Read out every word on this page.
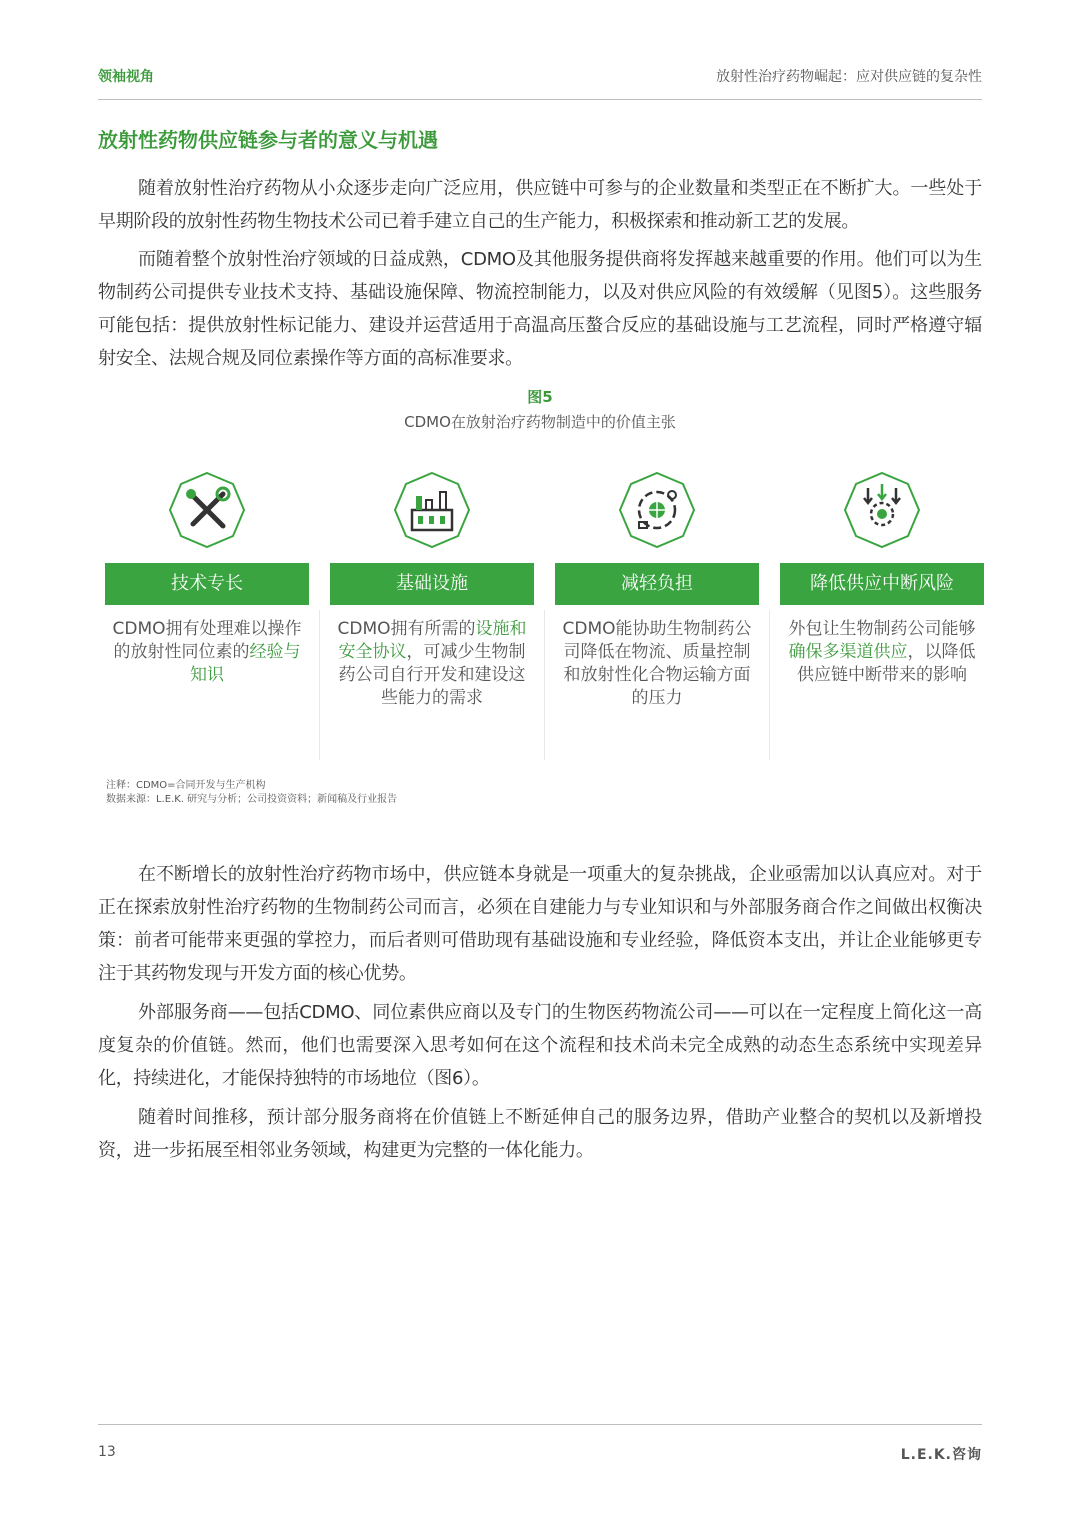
领袖视角	放射性治疗药物崛起：应对供应链的复杂性
放射性药物供应链参与者的意义与机遇

随着放射性治疗药物从小众逐步走向广泛应用，供应链中可参与的企业数量和类型正在不断扩大。一些处于早期阶段的放射性药物生物技术公司已着手建立自己的生产能力，积极探索和推动新工艺的发展。

而随着整个放射性治疗领域的日益成熟，CDMO及其他服务提供商将发挥越来越重要的作用。他们可以为生物制药公司提供专业技术支持、基础设施保障、物流控制能力，以及对供应风险的有效缓解（见图5）。这些服务可能包括：提供放射性标记能力、建设并运营适用于高温高压螯合反应的基础设施与工艺流程，同时严格遵守辐射安全、法规合规及同位素操作等方面的高标准要求。

图5
CDMO在放射治疗药物制造中的价值主张
技术专长
CDMO拥有处理难以操作的放射性同位素的经验与知识
基础设施
CDMO拥有所需的设施和安全协议，可减少生物制药公司自行开发和建设这些能力的需求
减轻负担
CDMO能协助生物制药公司降低在物流、质量控制和放射性化合物运输方面的压力
降低供应中断风险
外包让生物制药公司能够确保多渠道供应，以降低供应链中断带来的影响
注释：CDMO=合同开发与生产机构
数据来源：L.E.K. 研究与分析；公司投资资料；新闻稿及行业报告

在不断增长的放射性治疗药物市场中，供应链本身就是一项重大的复杂挑战，企业亟需加以认真应对。对于正在探索放射性治疗药物的生物制药公司而言，必须在自建能力与专业知识和与外部服务商合作之间做出权衡决策：前者可能带来更强的掌控力，而后者则可借助现有基础设施和专业经验，降低资本支出，并让企业能够更专注于其药物发现与开发方面的核心优势。

外部服务商——包括CDMO、同位素供应商以及专门的生物医药物流公司——可以在一定程度上简化这一高度复杂的价值链。然而，他们也需要深入思考如何在这个流程和技术尚未完全成熟的动态生态系统中实现差异化，持续进化，才能保持独特的市场地位（图6）。

随着时间推移，预计部分服务商将在价值链上不断延伸自己的服务边界，借助产业整合的契机以及新增投资，进一步拓展至相邻业务领域，构建更为完整的一体化能力。

13	L.E.K.咨询
